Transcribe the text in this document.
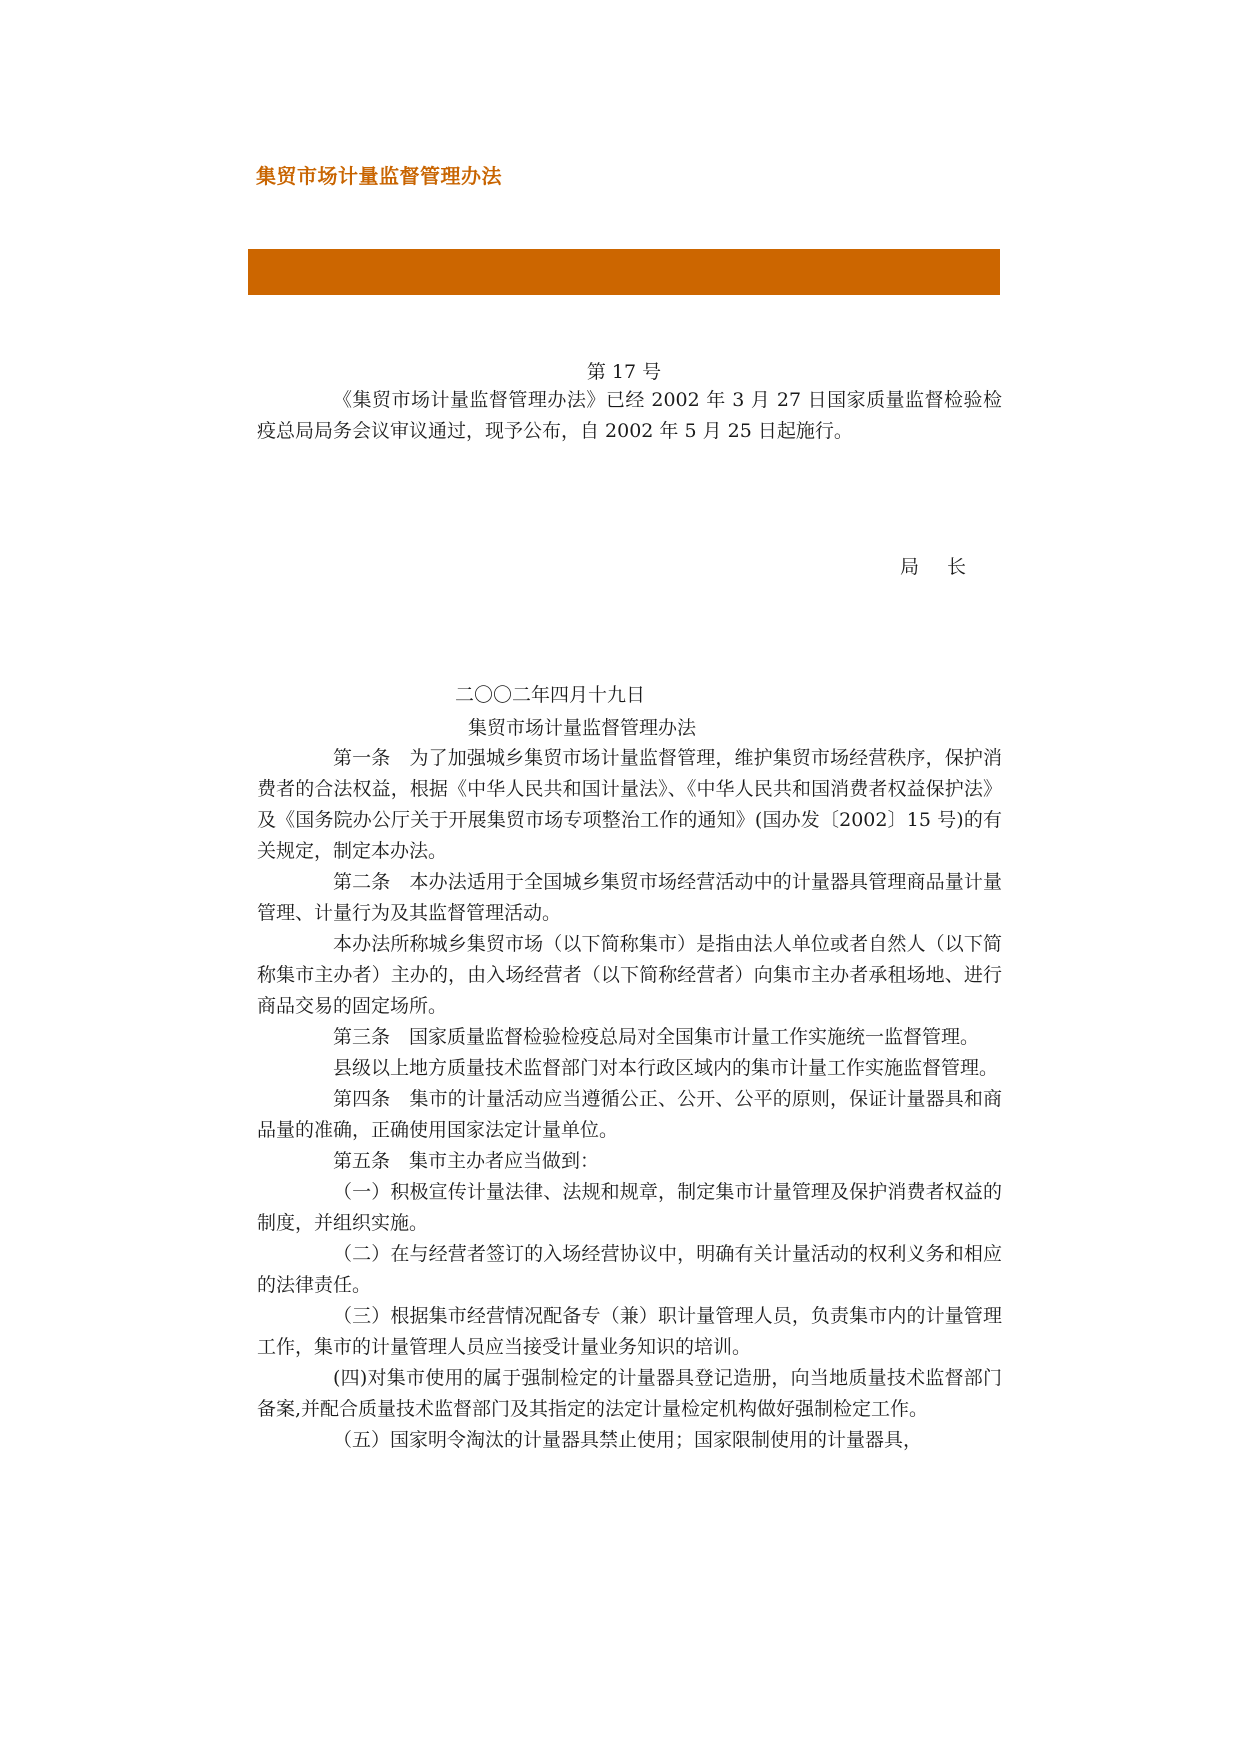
集贸市场计量监督管理办法
第 17 号

《集贸市场计量监督管理办法》已经 2002 年 3 月 27 日国家质量监督检验检疫总局局务会议审议通过，现予公布，自 2002 年 5 月 25 日起施行。

局长
二〇〇二年四月十九日
集贸市场计量监督管理办法

第一条　为了加强城乡集贸市场计量监督管理，维护集贸市场经营秩序，保护消费者的合法权益，根据《中华人民共和国计量法》、《中华人民共和国消费者权益保护法》及《国务院办公厅关于开展集贸市场专项整治工作的通知》(国办发〔2002〕15 号)的有关规定，制定本办法。

第二条　本办法适用于全国城乡集贸市场经营活动中的计量器具管理商品量计量管理、计量行为及其监督管理活动。

本办法所称城乡集贸市场（以下简称集市）是指由法人单位或者自然人（以下简称集市主办者）主办的，由入场经营者（以下简称经营者）向集市主办者承租场地、进行商品交易的固定场所。

第三条　国家质量监督检验检疫总局对全国集市计量工作实施统一监督管理。

县级以上地方质量技术监督部门对本行政区域内的集市计量工作实施监督管理。

第四条　集市的计量活动应当遵循公正、公开、公平的原则，保证计量器具和商品量的准确，正确使用国家法定计量单位。

第五条　集市主办者应当做到：

（一）积极宣传计量法律、法规和规章，制定集市计量管理及保护消费者权益的制度，并组织实施。

（二）在与经营者签订的入场经营协议中，明确有关计量活动的权利义务和相应的法律责任。

（三）根据集市经营情况配备专（兼）职计量管理人员，负责集市内的计量管理工作，集市的计量管理人员应当接受计量业务知识的培训。

(四)对集市使用的属于强制检定的计量器具登记造册，向当地质量技术监督部门备案,并配合质量技术监督部门及其指定的法定计量检定机构做好强制检定工作。

（五）国家明令淘汰的计量器具禁止使用；国家限制使用的计量器具，
